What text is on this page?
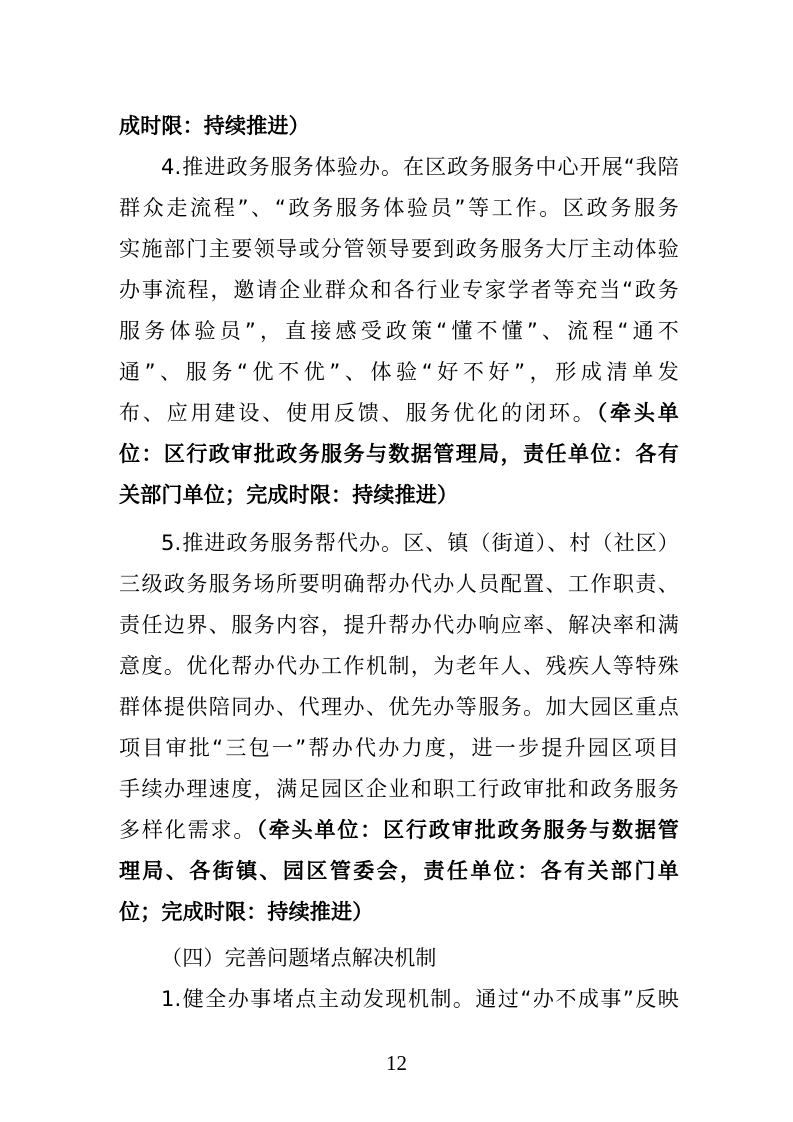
成时限：持续推进）
4.推进政务服务体验办。在区政务服务中心开展“我陪
群众走流程”、“政务服务体验员”等工作。区政务服务
实施部门主要领导或分管领导要到政务服务大厅主动体验
办事流程，邀请企业群众和各行业专家学者等充当“政务
服务体验员”，直接感受政策“懂不懂”、流程“通不
通”、服务“优不优”、体验“好不好”，形成清单发
布、应用建设、使用反馈、服务优化的闭环。（牵头单
位：区行政审批政务服务与数据管理局，责任单位：各有
关部门单位；完成时限：持续推进）
5.推进政务服务帮代办。区、镇（街道）、村（社区）
三级政务服务场所要明确帮办代办人员配置、工作职责、
责任边界、服务内容，提升帮办代办响应率、解决率和满
意度。优化帮办代办工作机制，为老年人、残疾人等特殊
群体提供陪同办、代理办、优先办等服务。加大园区重点
项目审批“三包一”帮办代办力度，进一步提升园区项目
手续办理速度，满足园区企业和职工行政审批和政务服务
多样化需求。（牵头单位：区行政审批政务服务与数据管
理局、各街镇、园区管委会，责任单位：各有关部门单
位；完成时限：持续推进）
（四）完善问题堵点解决机制
1.健全办事堵点主动发现机制。通过“办不成事”反映
12
